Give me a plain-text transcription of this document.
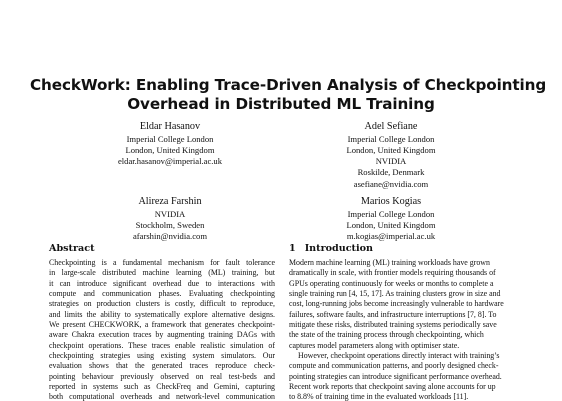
CheckWork: Enabling Trace-Driven Analysis of Checkpointing
Overhead in Distributed ML Training
Eldar Hasanov
Imperial College London
London, United Kingdom
eldar.hasanov@imperial.ac.uk
Adel Sefiane
Imperial College London
London, United Kingdom
NVIDIA
Roskilde, Denmark
asefiane@nvidia.com
Alireza Farshin
NVIDIA
Stockholm, Sweden
afarshin@nvidia.com
Marios Kogias
Imperial College London
London, United Kingdom
m.kogias@imperial.ac.uk
Abstract	1 Introduction
Checkpointing is a fundamental mechanism for fault tolerance
in large-scale distributed machine learning (ML) training, but
it can introduce significant overhead due to interactions with
compute and communication phases. Evaluating checkpointing
strategies on production clusters is costly, difficult to reproduce,
and limits the ability to systematically explore alternative designs.
We present CHECKWORK, a framework that generates checkpoint-
aware Chakra execution traces by augmenting training DAGs with
checkpoint operations. These traces enable realistic simulation of
checkpointing strategies using existing system simulators. Our
evaluation shows that the generated traces reproduce check-
pointing behaviour previously observed on real test-beds and
reported in systems such as CheckFreq and Gemini, capturing
both computational overheads and network-level communication
Modern machine learning (ML) training workloads have grown
dramatically in scale, with frontier models requiring thousands of
GPUs operating continuously for weeks or months to complete a
single training run [4, 15, 17]. As training clusters grow in size and
cost, long-running jobs become increasingly vulnerable to hardware
failures, software faults, and infrastructure interruptions [7, 8]. To
mitigate these risks, distributed training systems periodically save
the state of the training process through checkpointing, which
captures model parameters along with optimiser state.
However, checkpoint operations directly interact with training’s
compute and communication patterns, and poorly designed check-
pointing strategies can introduce significant performance overhead.
Recent work reports that checkpoint saving alone accounts for up
to 8.8% of training time in the evaluated workloads [11].
